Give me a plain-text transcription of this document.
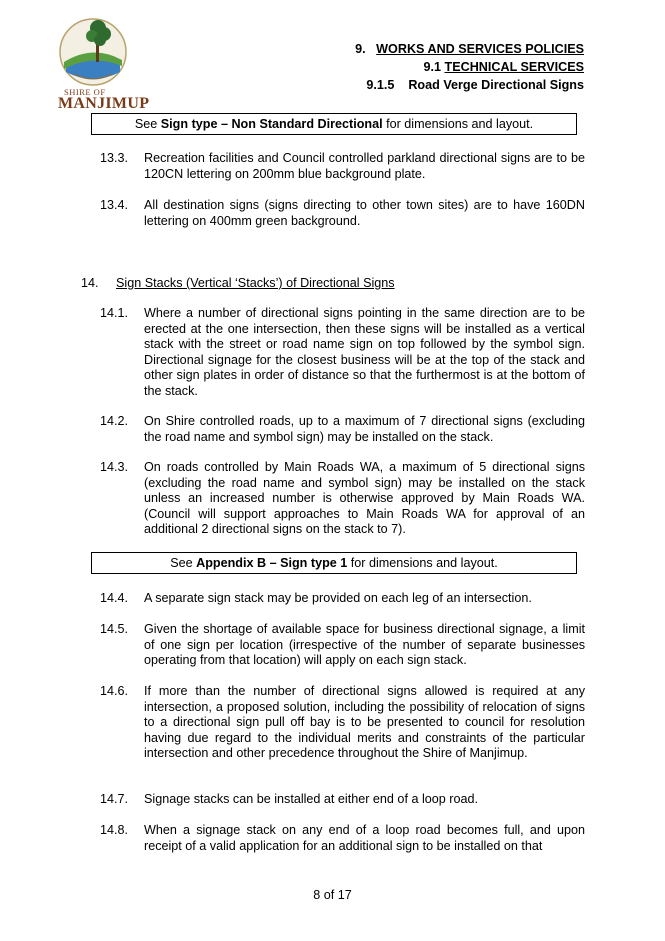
SHIRE OF
MANJIMUP
9. WORKS AND SERVICES POLICIES
9.1 TECHNICAL SERVICES
9.1.5    Road Verge Directional Signs
See Sign type – Non Standard Directional for dimensions and layout.
13.3.	Recreation facilities and Council controlled parkland directional signs are to be 120CN lettering on 200mm blue background plate.
13.4.	All destination signs (signs directing to other town sites) are to have 160DN lettering on 400mm green background.
14. Sign Stacks (Vertical ‘Stacks’) of Directional Signs
14.1.	Where a number of directional signs pointing in the same direction are to be erected at the one intersection, then these signs will be installed as a vertical stack with the street or road name sign on top followed by the symbol sign. Directional signage for the closest business will be at the top of the stack and other sign plates in order of distance so that the furthermost is at the bottom of the stack.
14.2.	On Shire controlled roads, up to a maximum of 7 directional signs (excluding the road name and symbol sign) may be installed on the stack.
14.3.	On roads controlled by Main Roads WA, a maximum of 5 directional signs (excluding the road name and symbol sign) may be installed on the stack unless an increased number is otherwise approved by Main Roads WA. (Council will support approaches to Main Roads WA for approval of an additional 2 directional signs on the stack to 7).
See Appendix B – Sign type 1 for dimensions and layout.
14.4.	A separate sign stack may be provided on each leg of an intersection.
14.5.	Given the shortage of available space for business directional signage, a limit of one sign per location (irrespective of the number of separate businesses operating from that location) will apply on each sign stack.
14.6.	If more than the number of directional signs allowed is required at any intersection, a proposed solution, including the possibility of relocation of signs to a directional sign pull off bay is to be presented to council for resolution having due regard to the individual merits and constraints of the particular intersection and other precedence throughout the Shire of Manjimup.
14.7.	Signage stacks can be installed at either end of a loop road.
14.8.	When a signage stack on any end of a loop road becomes full, and upon receipt of a valid application for an additional sign to be installed on that
8 of 17
